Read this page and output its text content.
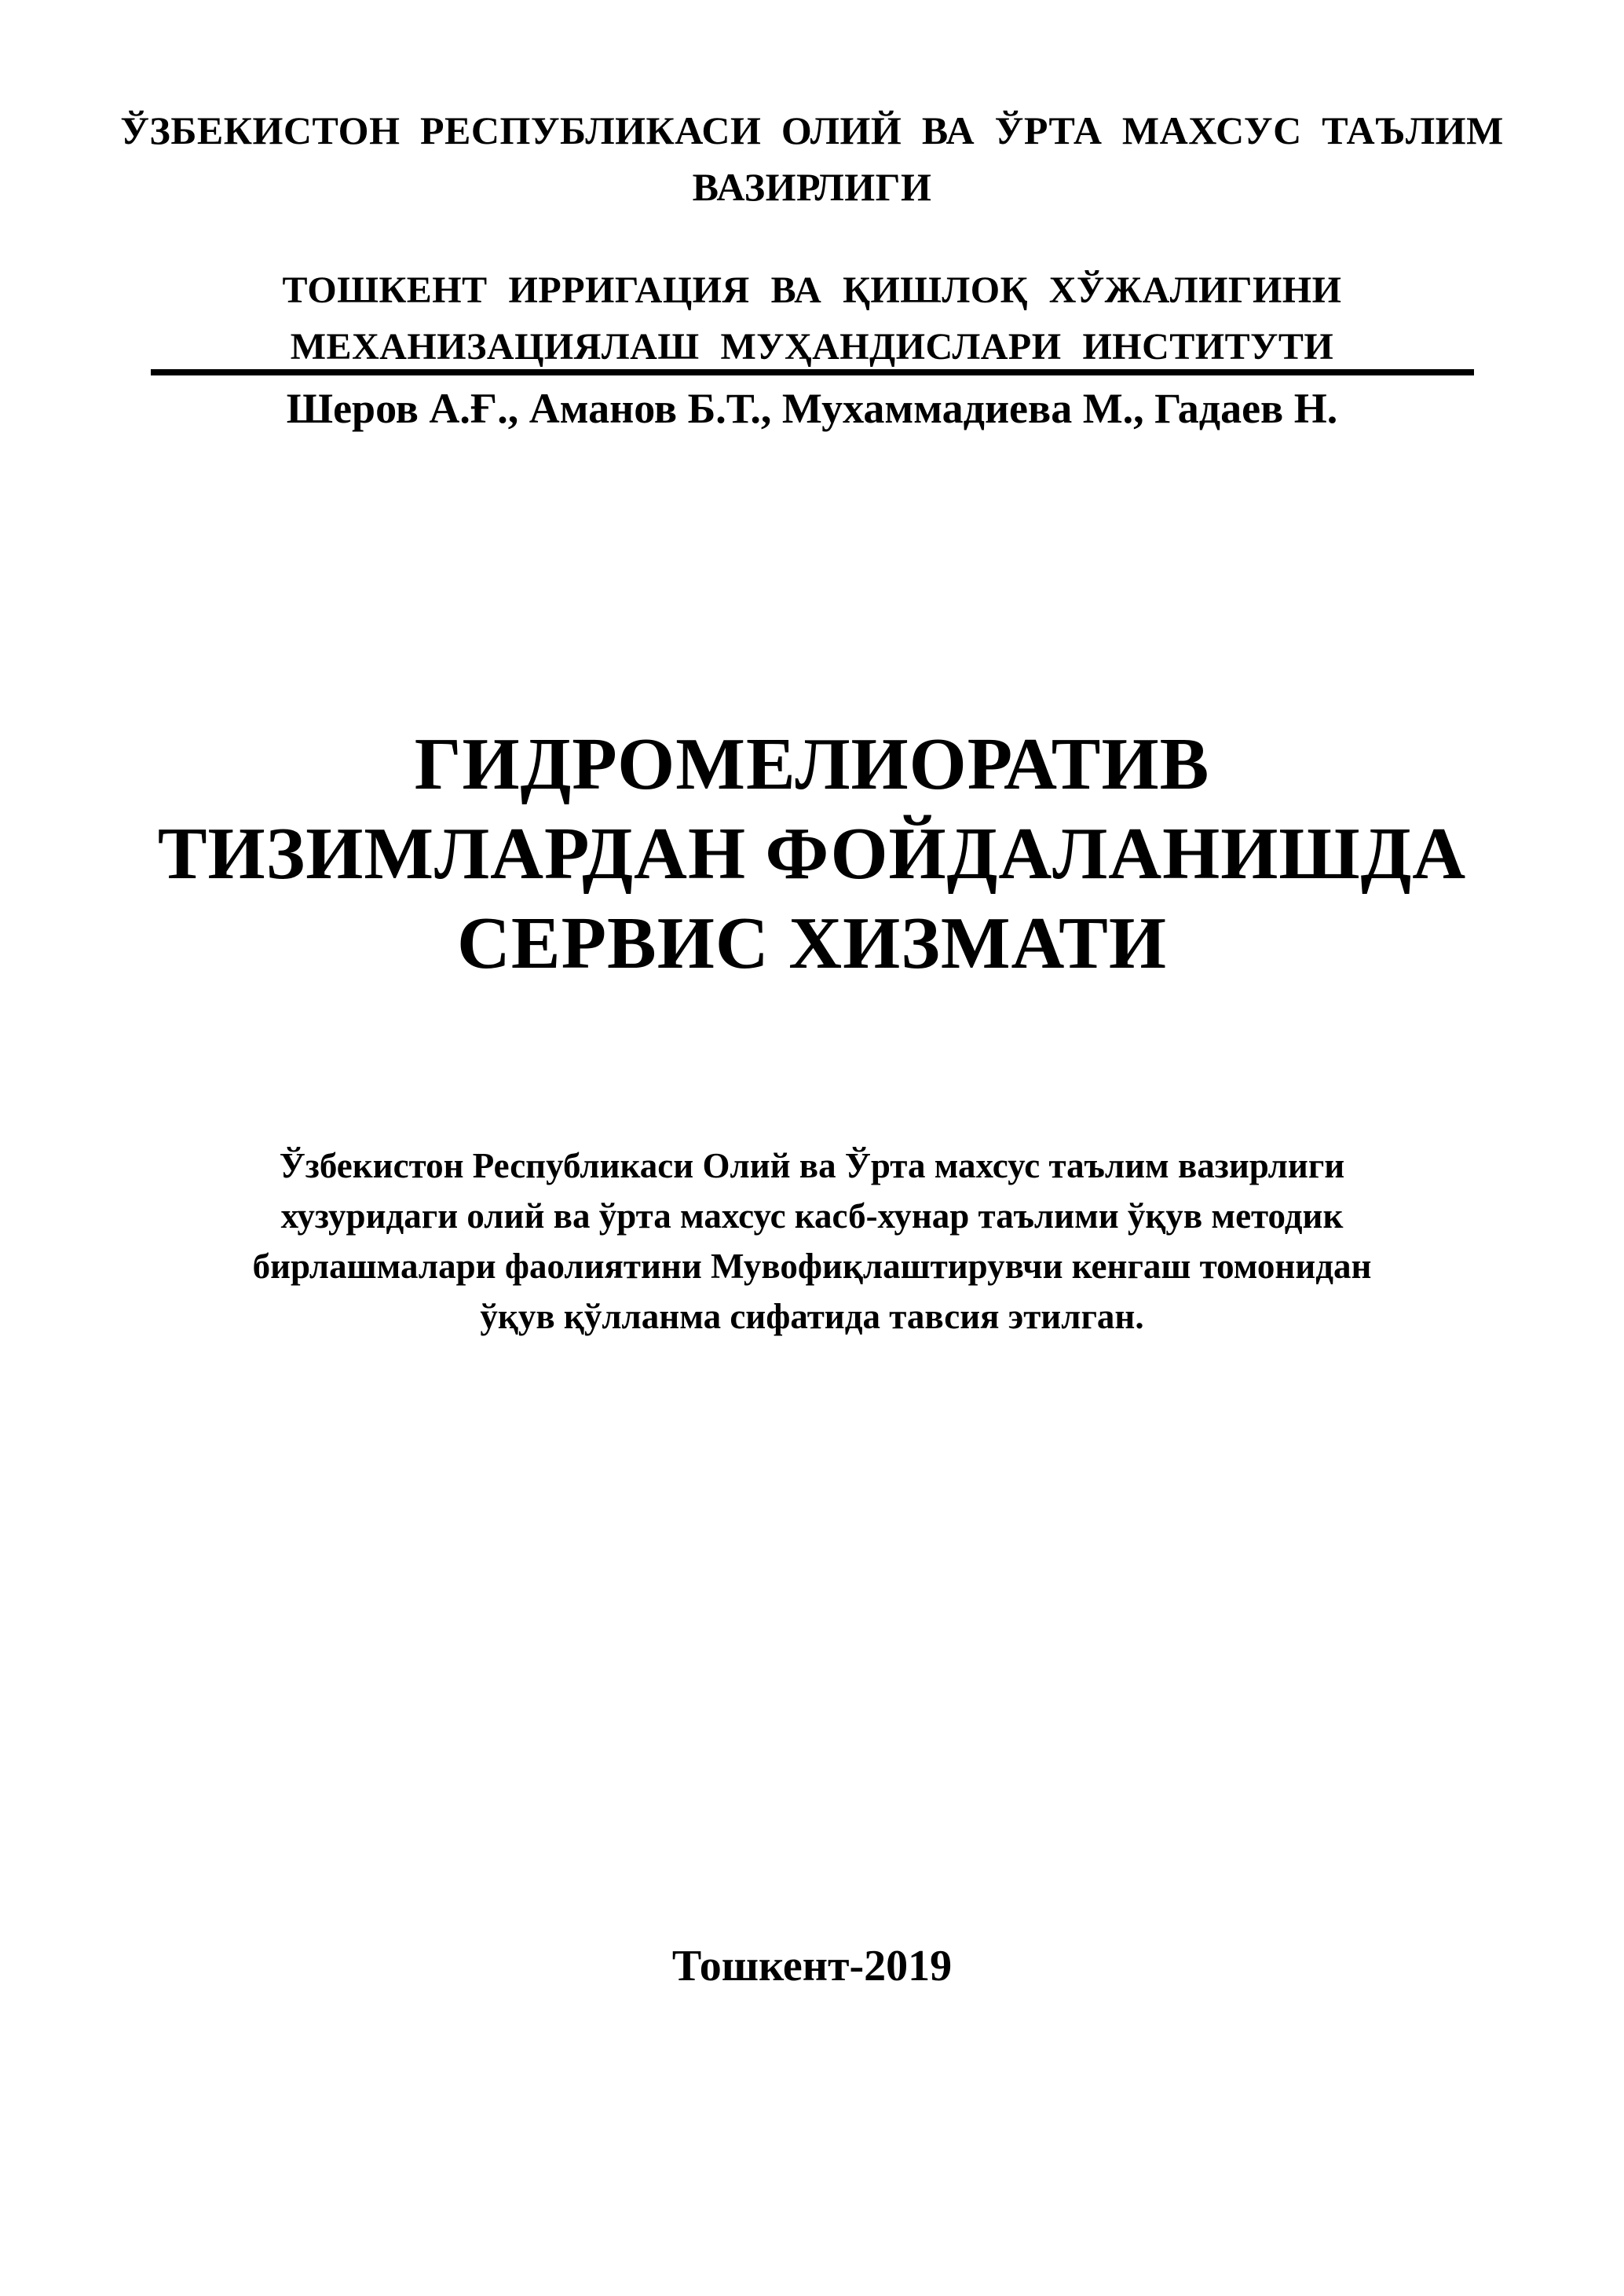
ЎЗБЕКИСТОН РЕСПУБЛИКАСИ ОЛИЙ ВА ЎРТА МАХСУС ТАЪЛИМ
ВАЗИРЛИГИ
ТОШКЕНТ ИРРИГАЦИЯ ВА ҚИШЛОҚ ХЎЖАЛИГИНИ
МЕХАНИЗАЦИЯЛАШ МУҲАНДИСЛАРИ ИНСТИТУТИ
Шеров А.Ғ., Аманов Б.Т., Мухаммадиева М., Гадаев Н.
ГИДРОМЕЛИОРАТИВ
ТИЗИМЛАРДАН ФОЙДАЛАНИШДА
СЕРВИС ХИЗМАТИ
Ўзбекистон Республикаси Олий ва Ўрта махсус таълим вазирлиги
хузуридаги олий ва ўрта махсус касб-хунар таълими ўқув методик
бирлашмалари фаолиятини Мувофиқлаштирувчи кенгаш томонидан
ўқув қўлланма сифатида тавсия этилган.
Тошкент-2019
